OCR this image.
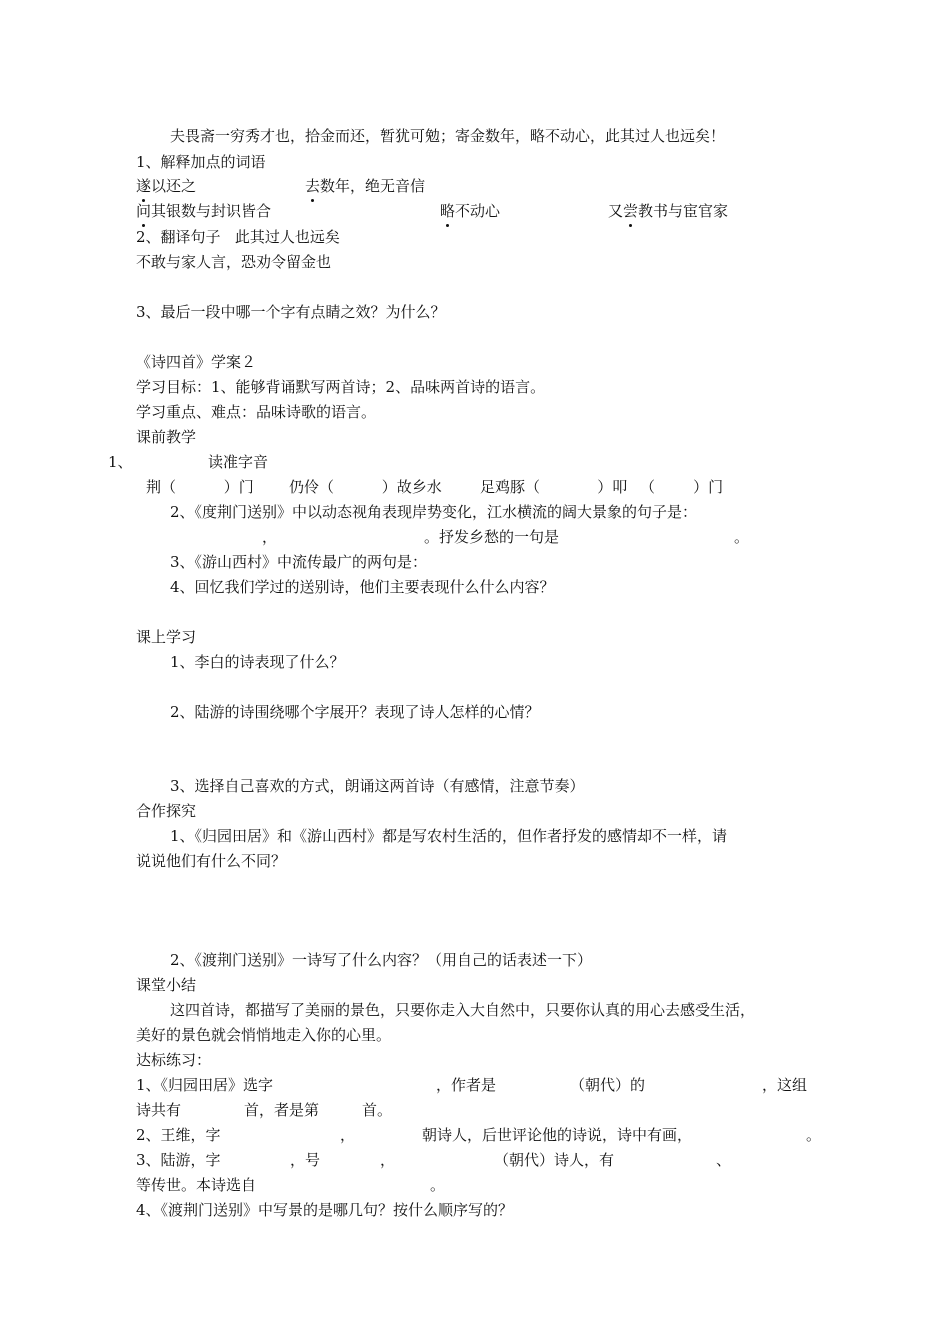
夫畏斋一穷秀才也，拾金而还，暂犹可勉；寄金数年，略不动心，此其过人也远矣！
1、解释加点的词语
遂以还之	去数年，绝无音信
问其银数与封识皆合	略不动心	又尝教书与宦官家
2、翻译句子   此其过人也远矣
不敢与家人言，恐劝令留金也
3、最后一段中哪一个字有点睛之效？为什么？
《诗四首》学案２
学习目标：1、能够背诵默写两首诗；2、品味两首诗的语言。
学习重点、难点：品味诗歌的语言。
课前教学
1、	读准字音
荆（          ）门 仍伶（          ）故乡水	足鸡豚（            ）叩 （        ）门
2、《度荆门送别》中以动态视角表现岸势变化，江水横流的阔大景象的句子是：
，	。抒发乡愁的一句是	。
3、《游山西村》中流传最广的两句是：
4、回忆我们学过的送别诗，他们主要表现什么什么内容？
课上学习
1、李白的诗表现了什么？
2、陆游的诗围绕哪个字展开？表现了诗人怎样的心情？
3、选择自己喜欢的方式，朗诵这两首诗（有感情，注意节奏）
合作探究
1、《归园田居》和《游山西村》都是写农村生活的，但作者抒发的感情却不一样，请
说说他们有什么不同？
2、《渡荆门送别》一诗写了什么内容？（用自己的话表述一下）
课堂小结
这四首诗，都描写了美丽的景色，只要你走入大自然中，只要你认真的用心去感受生活，
美好的景色就会悄悄地走入你的心里。
达标练习：
1、《归园田居》选字	，作者是	（朝代）的	，这组
诗共有	首，者是第	首。
2、王维，字	，	朝诗人，后世评论他的诗说，诗中有画，	。
3、陆游，字	，号	，	（朝代）诗人，有	、
等传世。本诗选自	。
4、《渡荆门送别》中写景的是哪几句？按什么顺序写的？
